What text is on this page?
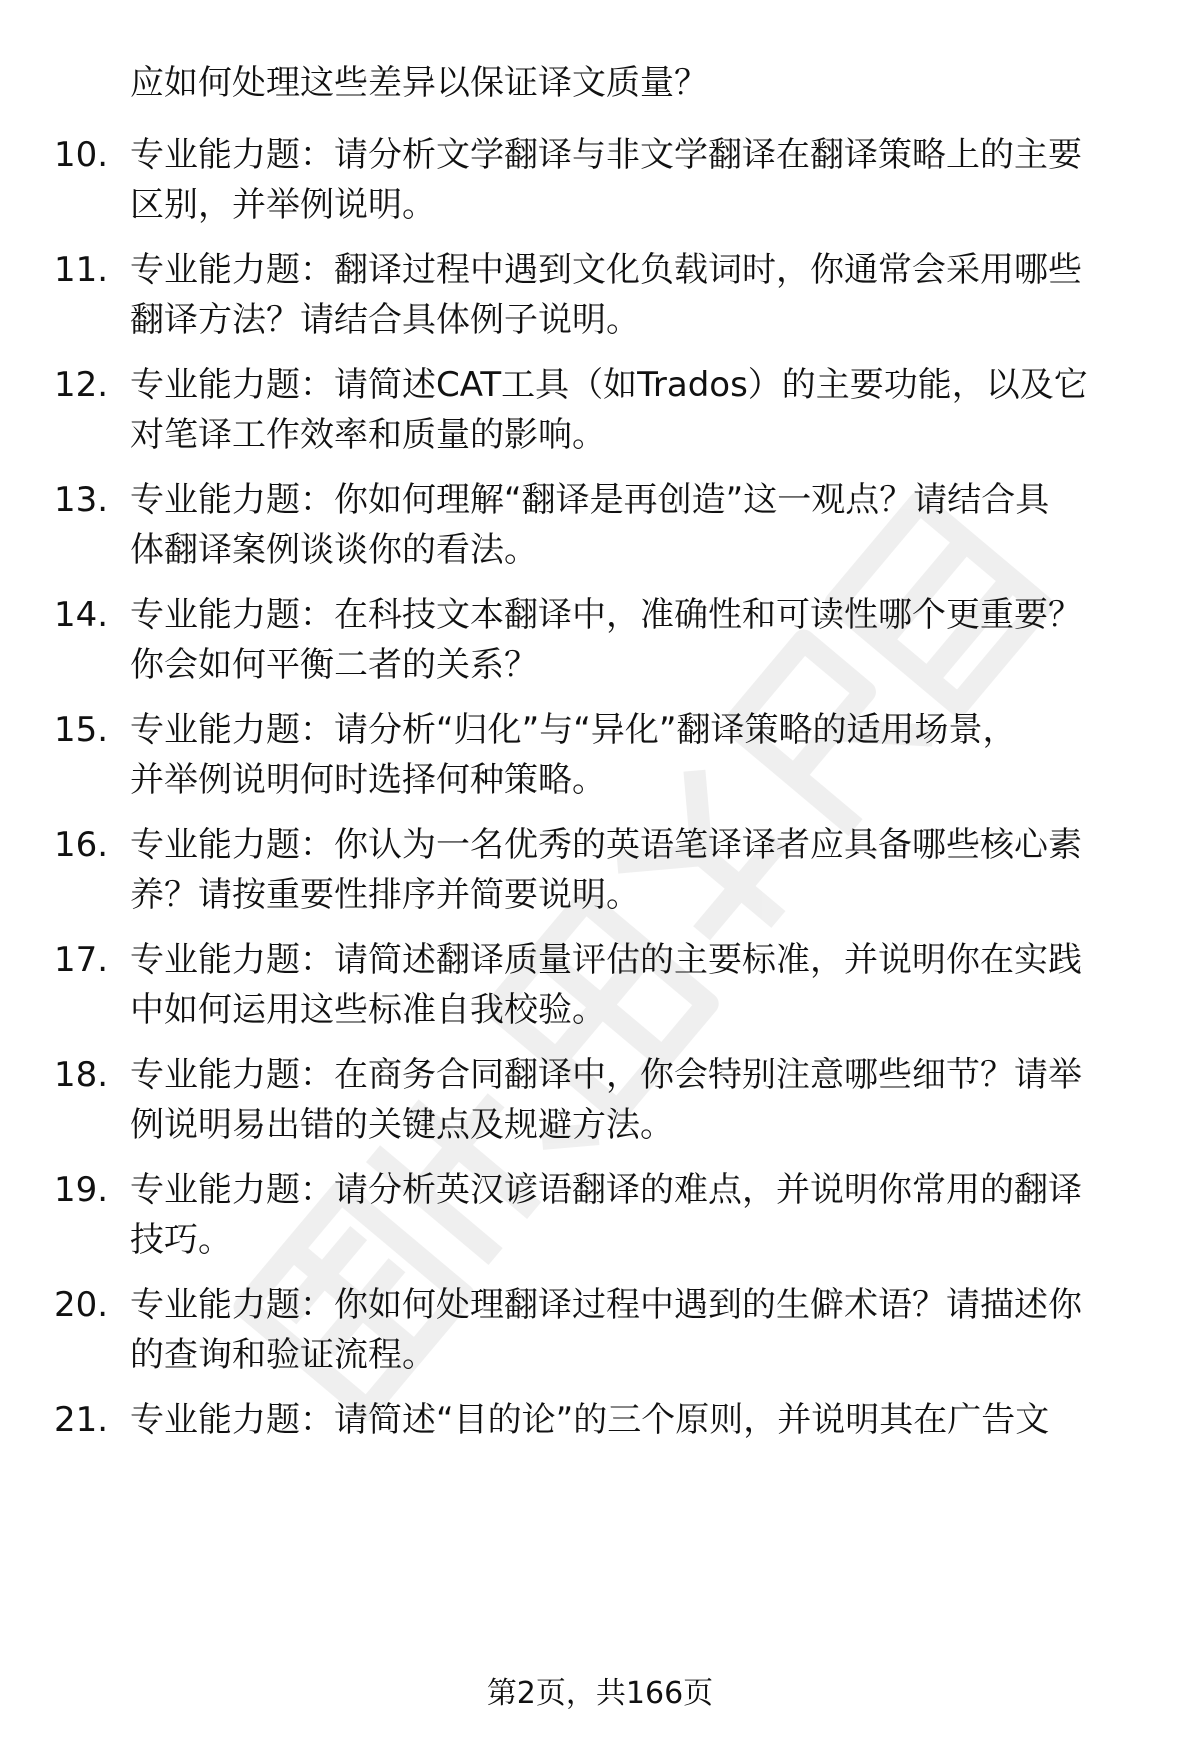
应如何处理这些差异以保证译文质量？
10. 专业能力题：请分析文学翻译与非文学翻译在翻译策略上的主要
区别，并举例说明。
11. 专业能力题：翻译过程中遇到文化负载词时，你通常会采用哪些
翻译方法？请结合具体例子说明。
12. 专业能力题：请简述CAT工具（如Trados）的主要功能，以及它
对笔译工作效率和质量的影响。
13. 专业能力题：你如何理解“翻译是再创造”这一观点？请结合具
体翻译案例谈谈你的看法。
14. 专业能力题：在科技文本翻译中，准确性和可读性哪个更重要？
你会如何平衡二者的关系？
15. 专业能力题：请分析“归化”与“异化”翻译策略的适用场景，
并举例说明何时选择何种策略。
16. 专业能力题：你认为一名优秀的英语笔译译者应具备哪些核心素
养？请按重要性排序并简要说明。
17. 专业能力题：请简述翻译质量评估的主要标准，并说明你在实践
中如何运用这些标准自我校验。
18. 专业能力题：在商务合同翻译中，你会特别注意哪些细节？请举
例说明易出错的关键点及规避方法。
19. 专业能力题：请分析英汉谚语翻译的难点，并说明你常用的翻译
技巧。
20. 专业能力题：你如何处理翻译过程中遇到的生僻术语？请描述你
的查询和验证流程。
21. 专业能力题：请简述“目的论”的三个原则，并说明其在广告文
第2页，共166页
